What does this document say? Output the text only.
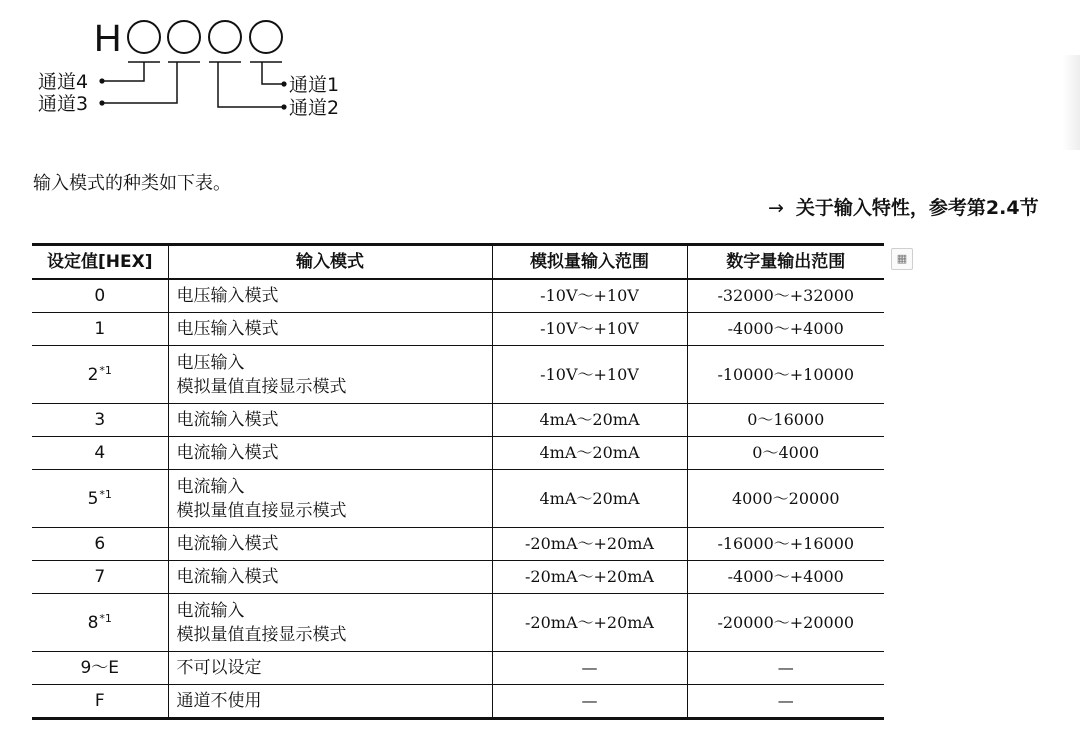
H
通道4
通道3	通道2
通道1
输入模式的种类如下表。
→ 关于输入特性，参考第2.4节
设定值[HEX]	输入模式	模拟量输入范围	数字量输出范围
0	电压输入模式	-10V～+10V	-32000～+32000
1	电压输入模式	-10V～+10V	-4000～+4000
2$^{*1}$	电压输入
模拟量值直接显示模式	-10V～+10V	-10000～+10000
3	电流输入模式	4mA～20mA	0～16000
4	电流输入模式	4mA～20mA	0～4000
5$^{*1}$	电流输入
模拟量值直接显示模式	4mA～20mA	4000～20000
6	电流输入模式	-20mA～+20mA	-16000～+16000
7	电流输入模式	-20mA～+20mA	-4000～+4000
8$^{*1}$	电流输入
模拟量值直接显示模式	-20mA～+20mA	-20000～+20000
9～E	不可以设定	—	—
F	通道不使用	—	—
▦
